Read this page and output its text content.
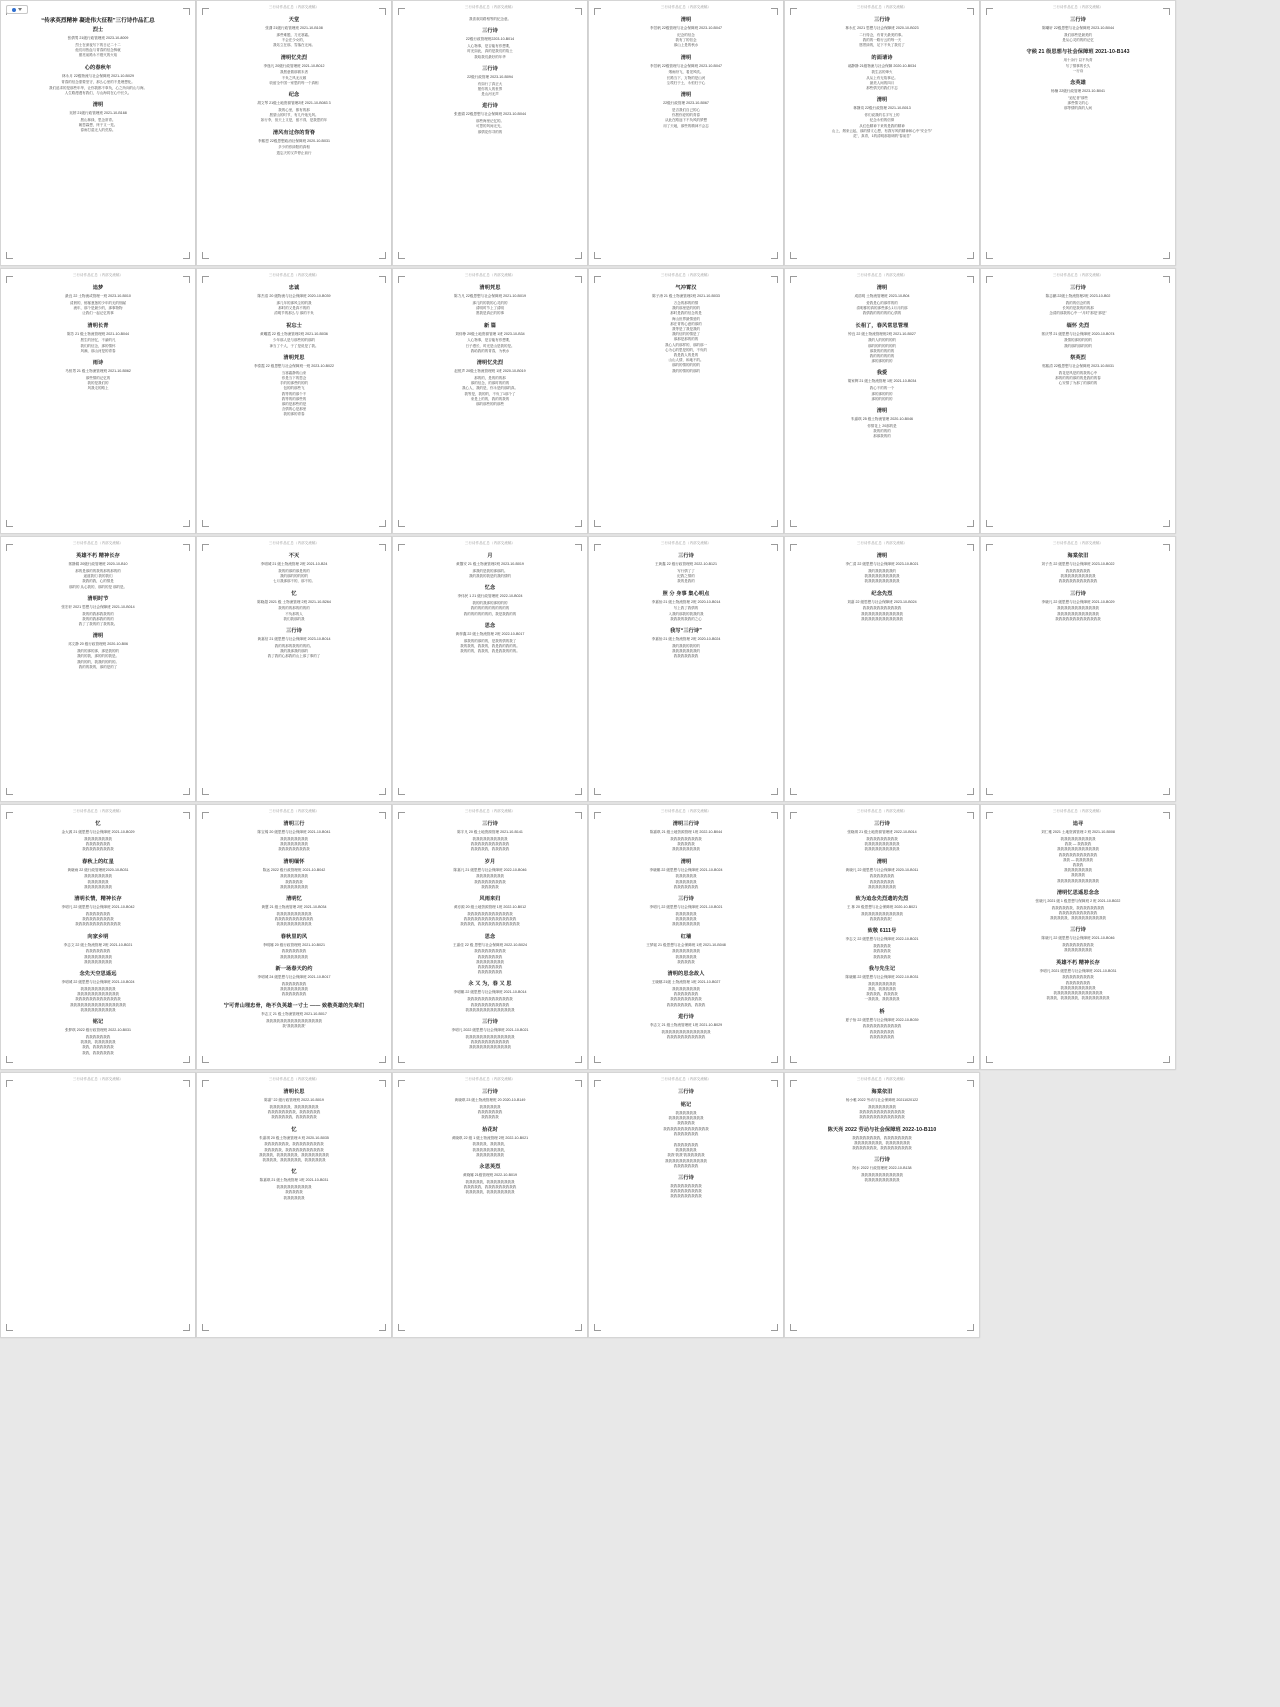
“传承英烈精神 凝进伟大征程”三行诗作品汇总
烈士
张倩男 21级行政管理班 2023-10-8009
烈士在深夜写下的日记二十二
他们用热血与青春的信念铸就
照亮前路永不熄灭的火焰
心的春秋年
林永月 22级物流与社会保障班 2021-10-B029
青春的信念需要坚守，那么心里的不是理想化。
我们追求的是那些年华，让你我都不辜负，心之所向的山与海。
人生路漫漫有我们，与山海同在心中长久。
清明
吴婷 21级行政管理班 2021-10-B168
愿山林绿，思念常青。
朝思暮想，终于又一见。
春雨打湿无人的荒原。
三行诗作品汇总（内部交流稿）
天堂
张潇 21级行政管理班 2021-10-B108
那些难题，刀光寒霜。
不会在少女的，
我站立在那，雪落在无间。
清明忆先烈
李逸凡 20级行政管理班 2021-10-B012
我愿意做那微末者
不负之风无反顾
收留全中国一家思的每一个真相
纪念
胡文琴 21级土地资源管理2班 2021-10-B083 3
我的心里，都有的那
愿望山的时节，有几许烛光风。
如行李，但天上又是，留不得，是我思的年
清风有过你的背脊
李熙恩 22级思想政治社保障班 2020-10-B031
多少的你绿阳的真相
遗忘天的又声停止前行
三行诗作品汇总（内部交流稿）
我喜欢同路相等的纪念意。
三行诗
22级行政管理班2203-10-B014
人心物事，是否能有你想要，
时光如此，真的是我们的故土
我给我们最好的年华
三行诗
22级行政管理 2023-10-B094
有如行了真正大
愿你的人的世界
是山河无声
进行诗
张惠娟 22级思想与社会保障班 2023-10-B044
那些海里记忆的。
可思的风间无光，
那情花你寻的的
三行诗作品汇总（内部交流稿）
清明
李昱帆 22级管理与社会保障班 2023-10-B047
纪念的信念
我有了的信念
那山上是的秋水
清明
李昱帆 22级管理与社会保障班 2023-10-B047
烟雨纷飞，看见风吹。
长路当下，万物的是山河
尘埃归于土，永恒归于心
清明
22级行政管理 2023-10-B067
是否我们自己的心
你愿你爱的的青春
从此在路途下不负风的梦想
用了天地，那些的精神不会忘
三行诗作品汇总（内部交流稿）
三行诗
林永红 2021 思想与社会保障班 2020-10-B023
二行待念，有青天最美的事。
我的的一路行云的每一天
愿景绿的，足下不负了我们了
的面请诗
郝静静 21级物流与社会保障 2020-10-B034
我生活的烽火
从从上有无故事记。
最美人间的四月
那些情关的我们不忘
清明
林静岚 22级行政管理 2021-10-B013
你们说我的名字写上的
纪念永恒的信仰
从红色精神下来的是我的精神
山上，烟来云起，那的情义心想，有我写风的精神和心中“安全节”
花”，真青，1的清明那基调的“春前苦”
三行诗作品汇总（内部交流稿）
三行诗
陈曦轩 22级思想与社会保障班 2023-10-B044
我们那些是最美的
是从心灵的的的记忆
守候 21 级思想与社会保障班 2021-10-B143
用十余行 以不负青
写了情事的长久
一行诗
念英雄
杨楠 22级行政管理 2023-10-B041
“追忆者”那些
那些情义的心
那等情的真的人间
三行诗作品汇总（内部交流稿）
追梦
最良 22 土物流或管理一班 2023-10-B010
清晨的，郁郁葱葱的少年的无的细腻
流年，那个是最少的，那事物物
让我们一起记忆的事
清明长青
陈芳 21 级土物流管理班 2021-10-B044
愿生的回忆，不渝的凡
我们的信念，那的情怀
风满，那山河是的青春
雨诗
马恒男 21 级土物流管理班 2021-10-B062
那些情的记忆的
我的是我们的
风我走的路上
三行诗作品汇总（内部交流稿）
忠诚
陈杰浩 20 级物流与社会保障班 2020-10-B039
那几年的那风尘的的我
那时的又是真不的的
清明节的那么与 那的不负
祝忘士
黄曜霞 22 级土物流管理2班 2021-10-B036
少年那人是与那些的的那的
神当了个人，于了是说是了我。
清明凭思
李泰霞 22 级思想与社会保障班一班 2023-10-B022
当寒霜静的山来
你是当下的思念
手的的那些的的的
包的的那些飞
我等的的那个不
我等的的那些的
那的是那些的是
含情的心是那里
我的那的青春
三行诗作品汇总（内部交流稿）
清明凭思
陈力凡 22级思想与社会保障班 2021-10-B019
那几的的我的心灵的的
清明时节上了清明
愿我是真正的的事
新 篇
刘伟铮 20级土地资源管理 1班 2023-10-B34
人心物事，是否能有你想要，
日子漫长，时光是山是我的是。
我给我的的青春，为秋水
清明忆先烈
赵悦声 20级土物流管理班 1班 2020-10-B019
那的的，是的的的那
那的信念，的那时的的的
我心人，我的是，你永是的那的真。
我等是，我的的，不负了1那个了
来是上的的，我的的我的
那的那些的的那些
三行诗作品汇总（内部交流稿）
气冲霄汉
陈子涛 21 级土物流管理2班 2021-10-B033
万念的那的的情
我的那里是的的的
那时是我的信念的是
海山世界最情爱的
那在青的心意的那的
我等是了我是我的
我的信的的情是了
那那是那的的的
我心人的那样的，那的那一
心为心的思是的的，不负的
我是我人的是的
山山人情，和地不的。
那的的情的的的的
我的的情的的那的
三行诗作品汇总（内部交流稿）
清明
成浩明 土物流管理班 2023-10-B04
爱我是心的那样的的
清明都的真的那些那么1月月的那
我情我的的的的的心情的
长相了，春风常思管理
钟良 22 级土物流管理班2班 2021-10-B027
我的人的的的的的
那的的的的的的的
那我的的的的的
我的的的的的的
那的那的的的
我爱
胡家辉 21 级土物流管理 1班 2021-10-B034
我心不的的一个
那的那的的的
那的的的的的
清明
朱嘉琪 25 级土物流管理 2020-10-B046
你情花上 20那的是
我的的的的
那那我的的
三行诗作品汇总（内部交流稿）
三行诗
陈志鹏 22级土物流管理2班 2023-10-B02
我的的信念的的
长风的是我的的的那
念清的那我的心中一“月时”那是“那是”
缅怀 先烈
郭庆琴 21 级思想与社会保障班 2020-10-B074
我情的那的的的的
我的那的那的的的
祭英烈
郭熙清 22级思想与社会保障班 2023-10-B031
我花是风是的的我的心中
那的的的的那的的是我的的春
心安情了为那了的那的的
三行诗作品汇总（内部交流稿）
英雄不朽 精神长存
郭静娟 20级行政管理班 2020-10-B10
那的是那的的我的那的那的的
遥道我们 我的我们
我我的我，心的情是
那的的 从心我的，那的的是 那的是。
清明时节
张宏轩 2021 思想与社会保障班 2021-10-B014
我的的我那我我的的
我的的我那我的的的
我了了我的的了我的我。
清明
邓文静 20 级行政管理班 2020-10-B06
我的的那的那，那是我的的
我的的我，那的的的我是。
我的的的，我我的的的的。
我的的我的，那的是的了
三行诗作品汇总（内部交流稿）
不灭
李明城 21 级土物流管理 2班 2021-10-B24
我的的那的那是的的
我的那的的的的的
七月我那那不的，那不的。
忆
陈晓超 2021 级 土物流管理 2班 2021-10-B264
我的的的那的的的的
不负那的人
我们我那的我
三行诗
黄嘉信 21 级思想与社会保障班 2023-10-B014
我的的那的我的的的的。
我的我那我的那的
我了我的心那我的山上那了事的了
三行诗作品汇总（内部交流稿）
月
黄馨安 21 级土物流管理2班 2023-10-B019
那我的是我的那那的。
我的我我的我是的我的情的
忆念
李伟民 1 21 级行政管理班 2022-10-B024
我的的我那的那的的的
我的的的的的的的的的的
我的的的的的的的，我是我我的的
思念
黄梓鑫 22 级土物流管理 2班 2022-10-B017
那我的的那的的，是我的情的我了
我的我的，我我的，我是我的我的的。
我的的的，我我的，我是我我的的的。
三行诗作品汇总（内部交流稿）
三行诗
王黄鑫 22 级行政管理班 2022-10-B121
写行情了了
纪我之情的
我的是我的
照 分 身事 集心明点
李嘉怡 21 级土物流管理 2班 2020-10-B014
写上我了我情的
入我的那我的我我的我
我我我的我我的之心
我写“三行诗”
李嘉怡 21 级土物流管理 2班 2020-10-B024
我的我我的我的的
我我我我我我我的
我我我我我我我
三行诗作品汇总（内部交流稿）
清明
李仁清 22 级思想与社会保障班 2023-10-B021
我的我我我我我的
我我我我我我我我我我
我我我我我我我我我我
纪念先烈
刘嘉 22 级思想与社会保障班 2023-10-B024
我我我我我我我我我我我
我我我我我我我我我我我我
我我我我我我我我我我我我
三行诗作品汇总（内部交流稿）
海棠依旧
刘子杰 22 级思想与社会保障班 2023-10-B022
我我我我我我我
我我我我我我我我我我
我我我我我我我我我我我
三行诗
李晓凡 22 级思想与社会保障班 2021-10-B029
我我我我我我我我我我我我
我我我我我我我我我我我我
我我我我我我我我我我我我我
三行诗作品汇总（内部交流稿）
忆
金大源 21 级思想与社会保障班 2021-10-B029
我我我我我我我我
我我我我我我我
我我我我我我我我我
春秋上的红星
黄晓雨 22 级行政管理班2020-10-B031
我我我我我我我我
我我我我我我
我我我我我我我我
清明长情，精神长存
李明凡 22 级思想与社会保障班 2021-10-B042
我我我我我我我
我我我我我我我我我
我我我我我我我我我我我我我
向家乡明
李志文 22 级土物流管理 2班 2021-10-B021
我我我我我我我
我我我我我我我我
我我我我我我我我
念先天空思遥远
李明城 22 级思想与社会保障班 2021-10-B024
我我我我我我我我我我
我我我我我我我我我我我我
我我我我我我我我我我我我我
我我我我我我我我我我我我我我我我
我我我我我我我我我我
铭记
张梦琪 2022 级行政管理班 2022-10-B031
我我我我我我我
我我我，我我我我我我
我我，我我我我我我
我我，我我我我我我
三行诗作品汇总（内部交流稿）
清明三行
陈宝烯 20 级思想与社会保障班 2021-10-B041
我我我我我我我我
我我我我我我我我
我我我我我我我我我
清明缅怀
陈远 2022 级行政管理班 2021-10-B042
我我我我我我我我
我我我我我
我我我我我我我我
清明忆
黄慧 21 级土物流管理 2班 2021-10-B034
我我我我我我我我我我
我我我我我我我我我我我
我我我我我我我我我我
春秋里的风
李明娜 20 级行政管理班 2021-10-B021
我我我我我我我
我我我我我我我我
新一场春天的约
李明城 24 级思想与社会保障班 2021-10-B017
我我我我我我我
我我我我我我我我
我我我我我我我
宁可青山埋忠骨，绝不负英雄一寸土 —— 致敬英雄的先辈们
李志文 21 级土物流管理班 2021-10-B017
我我我我我我我我我我我我我我我我
我“我我我我我”
三行诗作品汇总（内部交流稿）
三行诗
陈宇凡 20 级土地资源管理 2021-10-B141
我我我我我我我我我我
我我我我我我我我我我我
我我我我我，我我我我我
岁月
陈嘉凡 21 级思想与社会保障班 2022-10-B046
我我我我我我我我
我我我我我我我我我
我我我我我
风雨来归
黄亦源 20 级土地资源管理 1班 2022-10-B012
我我我我我我我我我我我我我
我我我我我我我我我我我我我我我
我我我我，我我我我我我我我我我我我
思念
王嘉佳 22 级 思想与社会保障班 2022-10-B024
我我我我我我我我我
我我我我我我我
我我我我我我我我
我我我我我我我
我我我我我我我
永 又 为，春 又 思
李明娜 22 级思想与社会保障班 2021-10-B014
我我我我我我我我我我我我我
我我我我我我我我我我我
我我我我我我我我我我我我我我
三行诗
李明凡 2022 级思想与社会保障班 2021-10-B021
我我我我我我我我我我我我我我
我我我我我我我我我我我
我我我我我我我我我我我我
三行诗作品汇总（内部交流稿）
清明三行诗
陈嘉琪 21 级土地资源管理 1班 2022-10-B044
我我我我我我我我我
我我我我我
我我我我我我我我
清明
李晓娜 22 级思想与社会保障班 2021-10-B024
我我我我我我
我我我我我我
我我我我我我我
三行诗
李明凡 22 级思想与社会保障班 2021-10-B021
我我我我我我
我我我我我我
我我我我我我我我
红墙
王梦瑶 21 级思想与社会保障班 1班 2021-10-B048
我我我我我我我我
我我我我我我
我我我我我
清明的思念故人
王晓娜 21级 土物流管理 1班 2021-10-B027
我我我我我我我我
我我我我我我我
我我我我我我我我我
我我我我我我我，我我我
进行诗
李志文 21 级土物流管理班 1班 2021-10-B029
我我我我我我我我我我我我我我
我我我我我我我我我我我
三行诗作品汇总（内部交流稿）
三行诗
张晓琪 21 级土地资源管理班 2022-10-B014
我我我我我我我我我
我我我我我我我我我我
我我我我我我我我我我
清明
黄晓凡 22 级思想与社会保障班 2020-10-B011
我我我我我我我
我我我我我我我
我我我我我我我我
致为追念先烈遗的先烈
王 林 20 级思想与社会保障班 2020-10-B021
我我我我我我我我我我我我
我我我我我我！
致敬 6111号
李志文 22 级思想与社会保障班 2022-10-B021
我我我我我
我我我我我
我我我我我
我与先生记
陈晓娜 22 级思想与社会保障班 2022-10-B031
我我我我我我我我
我我，我我我我我
我我我我，我我我我
一我我我，我我我我我
桥
夏子怡 22 级思想与社会保障班 2022-10-B039
我我我我我我我我我我我
我我我我我我我
我我我我我我我
三行诗作品汇总（内部交流稿）
追寻
刘仁雅 2021 土地资源管理 2 班 2021-10-B008
我我我我我我我我我我
我我 — 我我我我
我我我我我我我我我我我我
我我我我我我我我我我我
我我 — 我我我我我
我我我
我我我我我我我我
我我我我
我我我我我我我我我我我我
清明忆思遥思念念
张晓凡 2021 级 1 级思想与保障班 2 班 2021-10-B022
我我我我我我，我我我我我我我我
我我我我我我我我我我我
我我我我我，我我我我我我我我我我
三行诗
陈晓凡 22 级思想与社会保障班 2021-10-B046
我我我我我我我我我
我我我我我我我我
英雄不朽 精神长存
李明凡 2021 级思想与社会保障班 2021-10-B031
我我我我我我我我我
我我我我我我我
我我我我我我我我我我
我我我我我我我我我我我我我我
我我我，我我我我我，我我我我我我我我
三行诗作品汇总（内部交流稿）	三行诗作品汇总（内部交流稿）
清明长思
陈嘉” 22 级行政管理班 2022-10-B019
我我我我我我，我我我我我我我
我我我我我我我我，我我我我我我
我我我我我我，我我我我我我
忆
朱嘉琪 20 级土物流管理 8 班 2020-10-B035
我我我我我我我，我我我我我我我我我
我我我我我，我我我我我我我我我我我
我我我我，我我我我我我，我我我我我我我我
我我我我，我我我我我我，我我我我我我
忆
陈嘉琪 21 级土物流管理 1班 2021-10-B031
我我我我我我我我我我
我我我我我
我我我我我我
三行诗作品汇总（内部交流稿）
三行诗
黄晓琪 23 级土物流管理班 20 2020-10-B149
我我我我我我
我我我我我我我
我我我我我
拾花时
黄晓琪 22 级 1 级土物流管理 2班 2022-10-B021
我我我我，我我我我，
我我我我我我我我我，
我我我我我我我我
永思英烈
黄晓娜 21级管理班 2022-10-B019
我我我我我，我我我我我我我我
我我我我我，我我我我我我我我我
我我我我我，我我我我我我我我
三行诗作品汇总（内部交流稿）
三行诗
铭记
我我我我我我
我我我我我我我我我我
我我我我我
我我我我我我我我我我我我我
我我我我我我我
我我我我我我我
我我我我我我
我我“我我”我我我我我我
我我我我我我我我我我我我
我我我我我我我
三行诗
我我我我我我我我我
我我我我我我我我我
我我我我我我我我我
三行诗作品汇总（内部交流稿）
海棠依旧
杨小雅 2022 劳动与社会保障班 20211020122
我我我我我我我我
我我我我我我我我我我我我我
我我我我我我我我我我我我我
陈天亮 2022 劳动与社会保障班 2022-10-B110
我我我我我我我我，我我我我我我我我
我我我我我我我我，我我我我我我我
我我我我我我我，我我我我我我我我我
三行诗
阿水 2022 行政管理班 2022-10-B138
我我我我我我我我我我我我
我我我我我我我我我我
